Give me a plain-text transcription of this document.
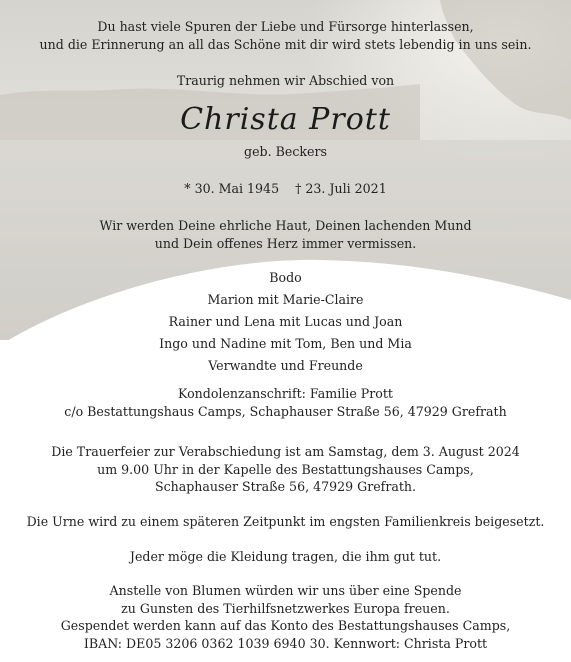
Du hast viele Spuren der Liebe und Fürsorge hinterlassen,

und die Erinnerung an all das Schöne mit dir wird stets lebendig in uns sein.

Traurig nehmen wir Abschied von

Christa Prott

geb. Beckers

* 30. Mai 1945 † 23. Juli 2021

Wir werden Deine ehrliche Haut, Deinen lachenden Mund

und Dein offenes Herz immer vermissen.

Bodo

Marion mit Marie-Claire

Rainer und Lena mit Lucas und Joan

Ingo und Nadine mit Tom, Ben und Mia

Verwandte und Freunde

Kondolenzanschrift: Familie Prott

c/o Bestattungshaus Camps, Schaphauser Straße 56, 47929 Grefrath

Die Trauerfeier zur Verabschiedung ist am Samstag, dem 3. August 2024

um 9.00 Uhr in der Kapelle des Bestattungshauses Camps,

Schaphauser Straße 56, 47929 Grefrath.

Die Urne wird zu einem späteren Zeitpunkt im engsten Familienkreis beigesetzt.

Jeder möge die Kleidung tragen, die ihm gut tut.

Anstelle von Blumen würden wir uns über eine Spende

zu Gunsten des Tierhilfsnetzwerkes Europa freuen.

Gespendet werden kann auf das Konto des Bestattungshauses Camps,

IBAN: DE05 3206 0362 1039 6940 30. Kennwort: Christa Prott
